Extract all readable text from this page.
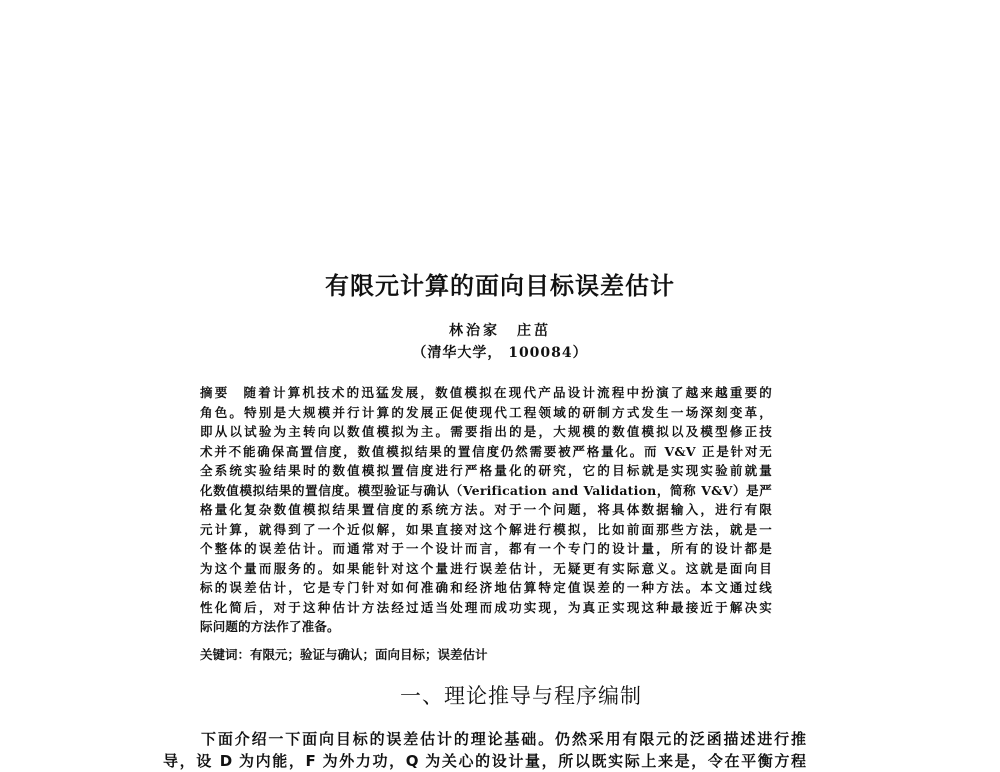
有限元计算的面向目标误差估计
林治家　庄茁
（清华大学， 100084）
摘要 随着计算机技术的迅猛发展，数值模拟在现代产品设计流程中扮演了越来越重要的
角色。特别是大规模并行计算的发展正促使现代工程领域的研制方式发生一场深刻变革，
即从以试验为主转向以数值模拟为主。需要指出的是，大规模的数值模拟以及模型修正技
术并不能确保高置信度，数值模拟结果的置信度仍然需要被严格量化。而 V&V 正是针对无
全系统实验结果时的数值模拟置信度进行严格量化的研究，它的目标就是实现实验前就量
化数值模拟结果的置信度。模型验证与确认（Verification and Validation，简称 V&V）是严
格量化复杂数值模拟结果置信度的系统方法。对于一个问题，将具体数据输入，进行有限
元计算，就得到了一个近似解，如果直接对这个解进行模拟，比如前面那些方法，就是一
个整体的误差估计。而通常对于一个设计而言，都有一个专门的设计量，所有的设计都是
为这个量而服务的。如果能针对这个量进行误差估计，无疑更有实际意义。这就是面向目
标的误差估计，它是专门针对如何准确和经济地估算特定值误差的一种方法。本文通过线
性化简后，对于这种估计方法经过适当处理而成功实现，为真正实现这种最接近于解决实
际问题的方法作了准备。
关键词：有限元；验证与确认；面向目标；误差估计
一、理论推导与程序编制
下面介绍一下面向目标的误差估计的理论基础。仍然采用有限元的泛函描述进行推
导，设 D 为内能，F 为外力功，Q 为关心的设计量，所以既实际上来是，令在平衡方程
